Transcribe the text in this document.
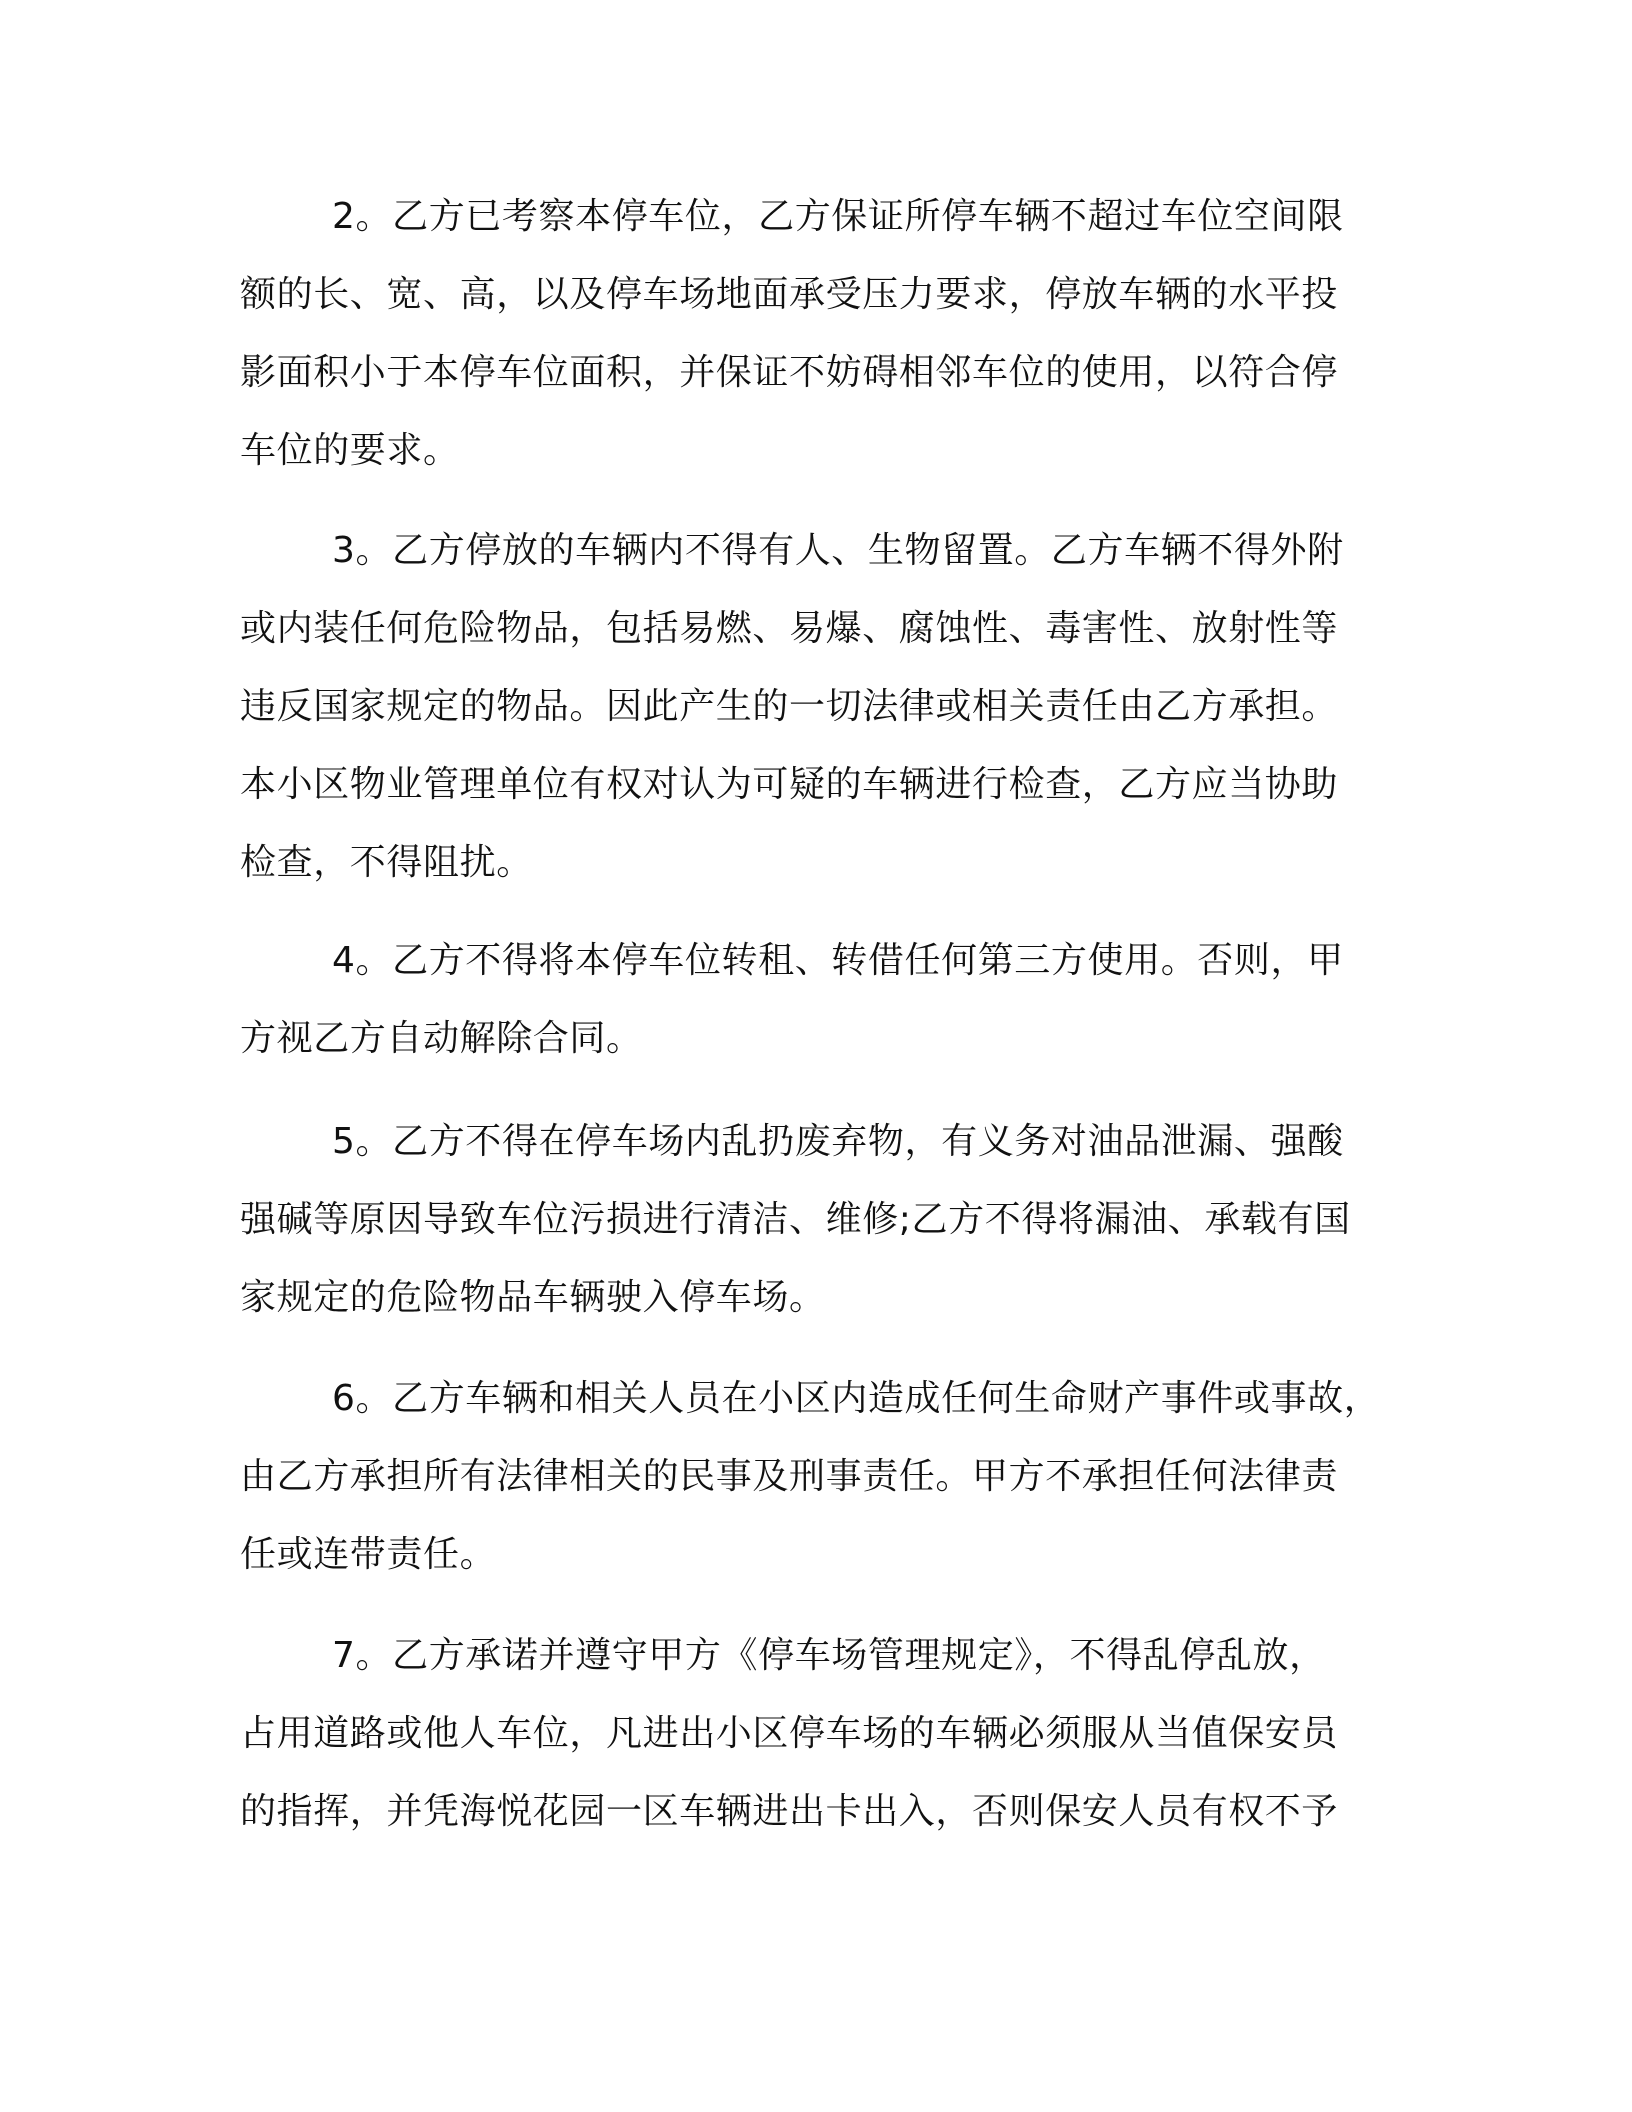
2。乙方已考察本停车位，乙方保证所停车辆不超过车位空间限
额的长、宽、高，以及停车场地面承受压力要求，停放车辆的水平投
影面积小于本停车位面积，并保证不妨碍相邻车位的使用，以符合停
车位的要求。
3。乙方停放的车辆内不得有人、生物留置。乙方车辆不得外附
或内装任何危险物品，包括易燃、易爆、腐蚀性、毒害性、放射性等
违反国家规定的物品。因此产生的一切法律或相关责任由乙方承担。
本小区物业管理单位有权对认为可疑的车辆进行检查，乙方应当协助
检查，不得阻扰。
4。乙方不得将本停车位转租、转借任何第三方使用。否则，甲
方视乙方自动解除合同。
5。乙方不得在停车场内乱扔废弃物，有义务对油品泄漏、强酸
强碱等原因导致车位污损进行清洁、维修;乙方不得将漏油、承载有国
家规定的危险物品车辆驶入停车场。
6。乙方车辆和相关人员在小区内造成任何生命财产事件或事故，
由乙方承担所有法律相关的民事及刑事责任。甲方不承担任何法律责
任或连带责任。
7。乙方承诺并遵守甲方《停车场管理规定》，不得乱停乱放，
占用道路或他人车位，凡进出小区停车场的车辆必须服从当值保安员
的指挥，并凭海悦花园一区车辆进出卡出入，否则保安人员有权不予
